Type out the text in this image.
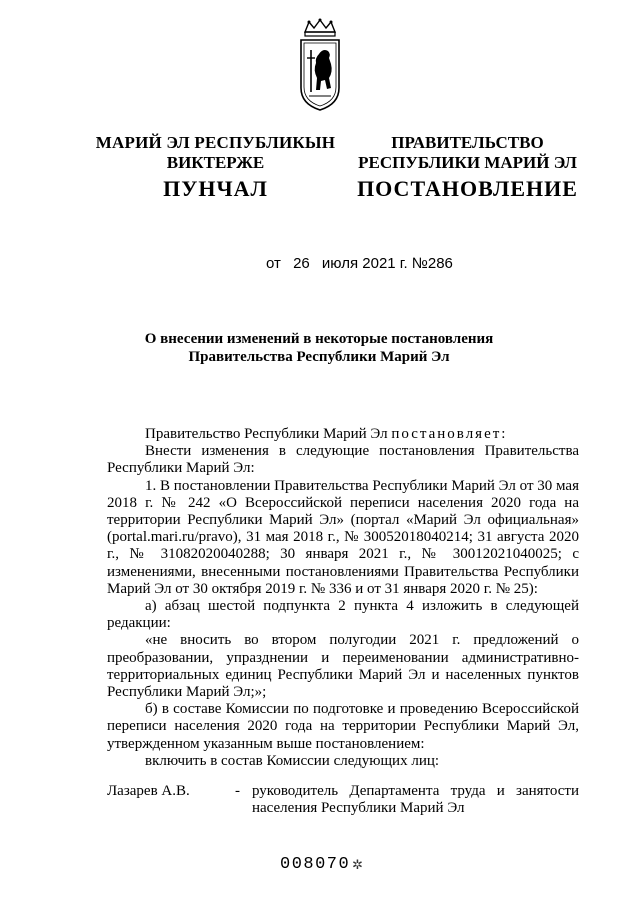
МАРИЙ ЭЛ РЕСПУБЛИКЫН
ВИКТЕРЖЕ
ПУНЧАЛ
ПРАВИТЕЛЬСТВО
РЕСПУБЛИКИ МАРИЙ ЭЛ
ПОСТАНОВЛЕНИЕ
от 26 июля 2021 г. №286
О внесении изменений в некоторые постановления
Правительства Республики Марий Эл

Правительство Республики Марий Эл постановляет:

Внести изменения в следующие постановления Правительства Республики Марий Эл:

1. В постановлении Правительства Республики Марий Эл от 30 мая 2018 г. № 242 «О Всероссийской переписи населения 2020 года на территории Республики Марий Эл» (портал «Марий Эл официальная» (portal.mari.ru/pravo), 31 мая 2018 г., № 30052018040214; 31 августа 2020 г., № 31082020040288; 30 января 2021 г., № 30012021040025; с изменениями, внесенными постановлениями Правительства Республики Марий Эл от 30 октября 2019 г. № 336 и от 31 января 2020 г. № 25):

а) абзац шестой подпункта 2 пункта 4 изложить в следующей редакции:

«не вносить во втором полугодии 2021 г. предложений о преобразовании, упразднении и переименовании административно-территориальных единиц Республики Марий Эл и населенных пунктов Республики Марий Эл;»;

б) в составе Комиссии по подготовке и проведению Всероссийской переписи населения 2020 года на территории Республики Марий Эл, утвержденном указанным выше постановлением:

включить в состав Комиссии следующих лиц:

Лазарев А.В.	- руководитель Департамента труда и занятости населения Республики Марий Эл
008070 ✲
